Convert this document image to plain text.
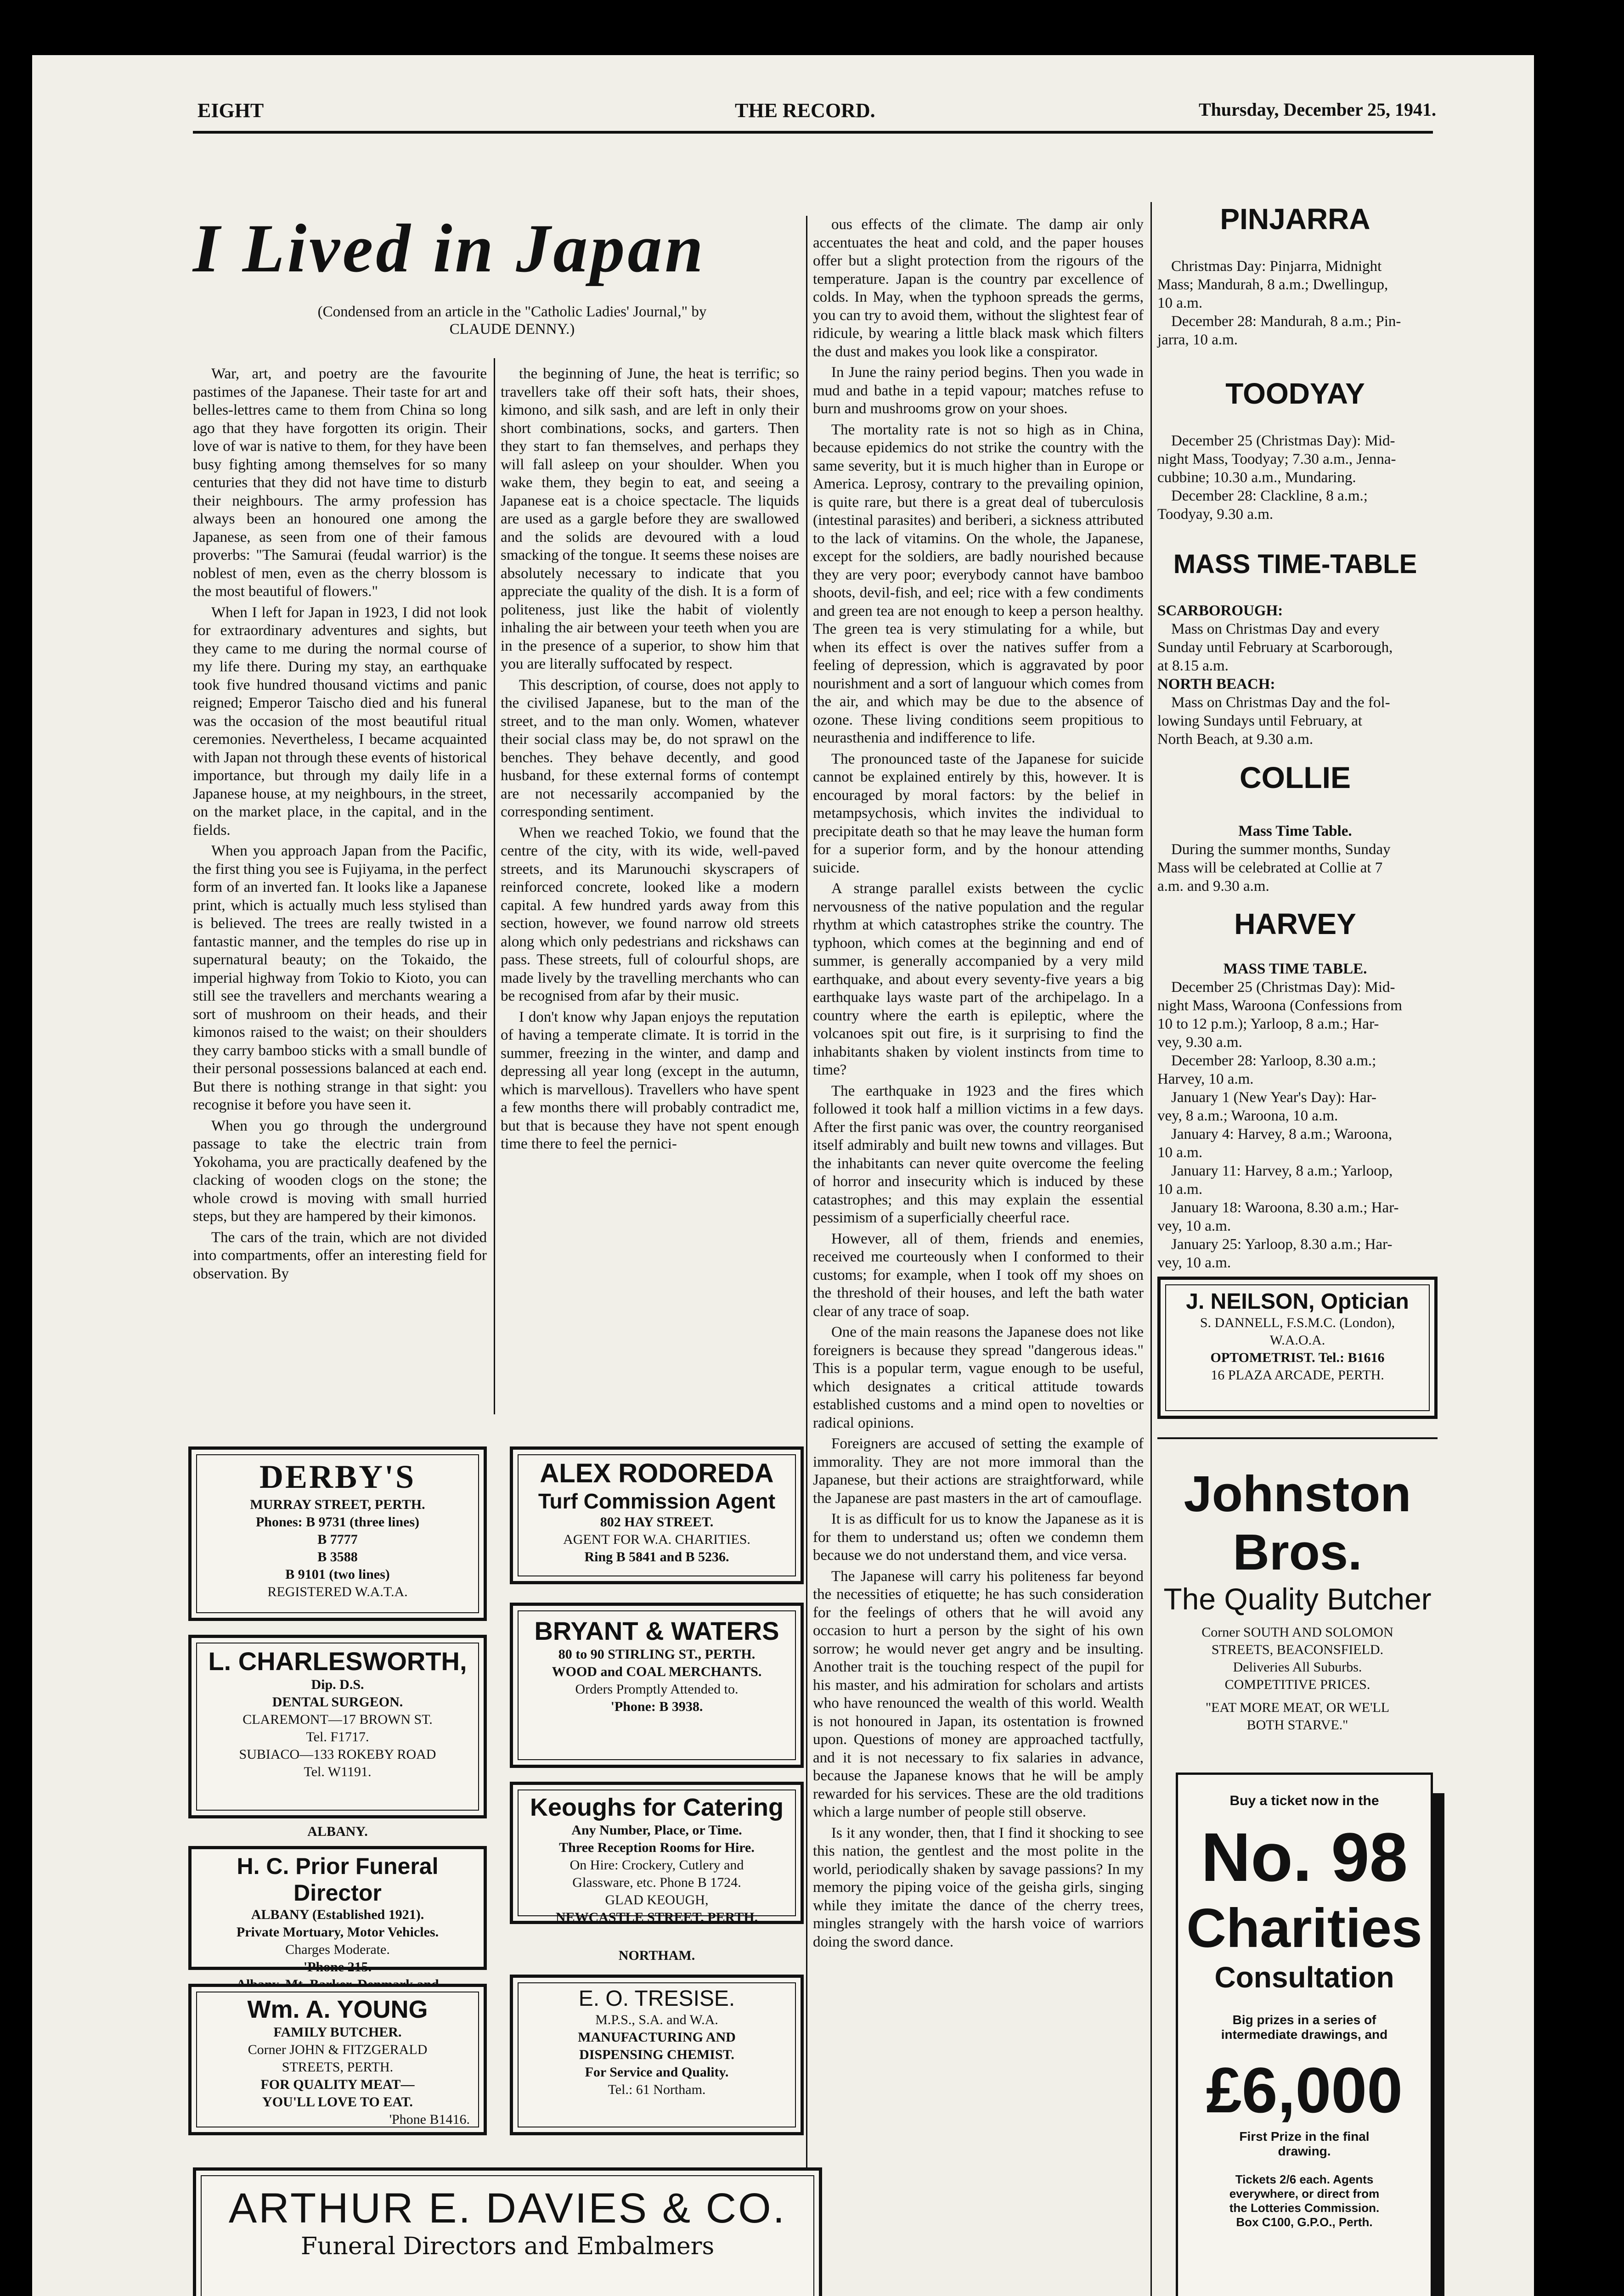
EIGHT	THE RECORD.	Thursday, December 25, 1941.
I Lived in Japan
(Condensed from an article in the "Catholic Ladies' Journal," by
CLAUDE DENNY.)

War, art, and poetry are the favourite pastimes of the Japanese. Their taste for art and belles-lettres came to them from China so long ago that they have forgotten its origin. Their love of war is native to them, for they have been busy fighting among themselves for so many centuries that they did not have time to disturb their neighbours. The army profession has always been an honoured one among the Japanese, as seen from one of their famous proverbs: "The Samurai (feudal warrior) is the noblest of men, even as the cherry blossom is the most beautiful of flowers."

When I left for Japan in 1923, I did not look for extraordinary adventures and sights, but they came to me during the normal course of my life there. During my stay, an earthquake took five hundred thousand victims and panic reigned; Emperor Taischo died and his funeral was the occasion of the most beautiful ritual ceremonies. Nevertheless, I became acquainted with Japan not through these events of historical importance, but through my daily life in a Japanese house, at my neighbours, in the street, on the market place, in the capital, and in the fields.

When you approach Japan from the Pacific, the first thing you see is Fujiyama, in the perfect form of an inverted fan. It looks like a Japanese print, which is actually much less stylised than is believed. The trees are really twisted in a fantastic manner, and the temples do rise up in supernatural beauty; on the Tokaido, the imperial highway from Tokio to Kioto, you can still see the travellers and merchants wearing a sort of mushroom on their heads, and their kimonos raised to the waist; on their shoulders they carry bamboo sticks with a small bundle of their personal possessions balanced at each end. But there is nothing strange in that sight: you recognise it before you have seen it.

When you go through the underground passage to take the electric train from Yokohama, you are practically deafened by the clacking of wooden clogs on the stone; the whole crowd is moving with small hurried steps, but they are hampered by their kimonos.

The cars of the train, which are not divided into compartments, offer an interesting field for observation. By

the beginning of June, the heat is terrific; so travellers take off their soft hats, their shoes, kimono, and silk sash, and are left in only their short combinations, socks, and garters. Then they start to fan themselves, and perhaps they will fall asleep on your shoulder. When you wake them, they begin to eat, and seeing a Japanese eat is a choice spectacle. The liquids are used as a gargle before they are swallowed and the solids are devoured with a loud smacking of the tongue. It seems these noises are absolutely necessary to indicate that you appreciate the quality of the dish. It is a form of politeness, just like the habit of violently inhaling the air between your teeth when you are in the presence of a superior, to show him that you are literally suffocated by respect.

This description, of course, does not apply to the civilised Japanese, but to the man of the street, and to the man only. Women, whatever their social class may be, do not sprawl on the benches. They behave decently, and good husband, for these external forms of contempt are not necessarily accompanied by the corresponding sentiment.

When we reached Tokio, we found that the centre of the city, with its wide, well-paved streets, and its Marunouchi skyscrapers of reinforced concrete, looked like a modern capital. A few hundred yards away from this section, however, we found narrow old streets along which only pedestrians and rickshaws can pass. These streets, full of colourful shops, are made lively by the travelling merchants who can be recognised from afar by their music.

I don't know why Japan enjoys the reputation of having a temperate climate. It is torrid in the summer, freezing in the winter, and damp and depressing all year long (except in the autumn, which is marvellous). Travellers who have spent a few months there will probably contradict me, but that is because they have not spent enough time there to feel the pernici-

ous effects of the climate. The damp air only accentuates the heat and cold, and the paper houses offer but a slight protection from the rigours of the temperature. Japan is the country par excellence of colds. In May, when the typhoon spreads the germs, you can try to avoid them, without the slightest fear of ridicule, by wearing a little black mask which filters the dust and makes you look like a conspirator.

In June the rainy period begins. Then you wade in mud and bathe in a tepid vapour; matches refuse to burn and mushrooms grow on your shoes.

The mortality rate is not so high as in China, because epidemics do not strike the country with the same severity, but it is much higher than in Europe or America. Leprosy, contrary to the prevailing opinion, is quite rare, but there is a great deal of tuberculosis (intestinal parasites) and beriberi, a sickness attributed to the lack of vitamins. On the whole, the Japanese, except for the soldiers, are badly nourished because they are very poor; everybody cannot have bamboo shoots, devil-fish, and eel; rice with a few condiments and green tea are not enough to keep a person healthy. The green tea is very stimulating for a while, but when its effect is over the natives suffer from a feeling of depression, which is aggravated by poor nourishment and a sort of languour which comes from the air, and which may be due to the absence of ozone. These living conditions seem propitious to neurasthenia and indifference to life.

The pronounced taste of the Japanese for suicide cannot be explained entirely by this, however. It is encouraged by moral factors: by the belief in metampsychosis, which invites the individual to precipitate death so that he may leave the human form for a superior form, and by the honour attending suicide.

A strange parallel exists between the cyclic nervousness of the native population and the regular rhythm at which catastrophes strike the country. The typhoon, which comes at the beginning and end of summer, is generally accompanied by a very mild earthquake, and about every seventy-five years a big earthquake lays waste part of the archipelago. In a country where the earth is epileptic, where the volcanoes spit out fire, is it surprising to find the inhabitants shaken by violent instincts from time to time?

The earthquake in 1923 and the fires which followed it took half a million victims in a few days. After the first panic was over, the country reorganised itself admirably and built new towns and villages. But the inhabitants can never quite overcome the feeling of horror and insecurity which is induced by these catastrophes; and this may explain the essential pessimism of a superficially cheerful race.

However, all of them, friends and enemies, received me courteously when I conformed to their customs; for example, when I took off my shoes on the threshold of their houses, and left the bath water clear of any trace of soap.

One of the main reasons the Japanese does not like foreigners is because they spread "dangerous ideas." This is a popular term, vague enough to be useful, which designates a critical attitude towards established customs and a mind open to novelties or radical opinions.

Foreigners are accused of setting the example of immorality. They are not more immoral than the Japanese, but their actions are straightforward, while the Japanese are past masters in the art of camouflage.

It is as difficult for us to know the Japanese as it is for them to understand us; often we condemn them because we do not understand them, and vice versa.

The Japanese will carry his politeness far beyond the necessities of etiquette; he has such consideration for the feelings of others that he will avoid any occasion to hurt a person by the sight of his own sorrow; he would never get angry and be insulting. Another trait is the touching respect of the pupil for his master, and his admiration for scholars and artists who have renounced the wealth of this world. Wealth is not honoured in Japan, its ostentation is frowned upon. Questions of money are approached tactfully, and it is not necessary to fix salaries in advance, because the Japanese knows that he will be amply rewarded for his services. These are the old traditions which a large number of people still observe.

Is it any wonder, then, that I find it shocking to see this nation, the gentlest and the most polite in the world, periodically shaken by savage passions? In my memory the piping voice of the geisha girls, singing while they imitate the dance of the cherry trees, mingles strangely with the harsh voice of warriors doing the sword dance.

DERBY'S
MURRAY STREET, PERTH.
Phones: B 9731 (three lines)
B 7777
B 3588
B 9101 (two lines)
REGISTERED W.A.T.A.
ALEX RODOREDA
Turf Commission Agent
802 HAY STREET.
AGENT FOR W.A. CHARITIES.
Ring B 5841 and B 5236.
L. CHARLESWORTH,
Dip. D.S.
DENTAL SURGEON.
CLAREMONT—17 BROWN ST.
Tel. F1717.
SUBIACO—133 ROKEBY ROAD
Tel. W1191.
BRYANT & WATERS
80 to 90 STIRLING ST., PERTH.
WOOD and COAL MERCHANTS.
Orders Promptly Attended to.
'Phone: B 3938.
ALBANY.
H. C. Prior Funeral Director
ALBANY (Established 1921).
Private Mortuary, Motor Vehicles.
Charges Moderate.
'Phone 215.
Keoughs for Catering
Any Number, Place, or Time.
Three Reception Rooms for Hire.
On Hire: Crockery, Cutlery and
Glassware, etc. Phone B 1724.
GLAD KEOUGH,
NEWCASTLE STREET, PERTH.
NORTHAM.
Wm. A. YOUNG
FAMILY BUTCHER.
Corner JOHN & FITZGERALD
STREETS, PERTH.
FOR QUALITY MEAT—
YOU'LL LOVE TO EAT.
'Phone B1416.
E. O. TRESISE.
M.P.S., S.A. and W.A.
MANUFACTURING AND
DISPENSING CHEMIST.
For Service and Quality.
Tel.: 61 Northam.
ARTHUR E. DAVIES & CO.
Funeral Directors and Embalmers
PINJARRA

Christmas Day: Pinjarra, Midnight

Mass; Mandurah, 8 a.m.; Dwellingup,

10 a.m.

December 28: Mandurah, 8 a.m.; Pin-

jarra, 10 a.m.

TOODYAY

December 25 (Christmas Day): Mid-

night Mass, Toodyay; 7.30 a.m., Jenna-

cubbine; 10.30 a.m., Mundaring.

December 28: Clackline, 8 a.m.;

Toodyay, 9.30 a.m.

MASS TIME-TABLE

SCARBOROUGH:

Mass on Christmas Day and every

Sunday until February at Scarborough,

at 8.15 a.m.

NORTH BEACH:

Mass on Christmas Day and the fol-

lowing Sundays until February, at

North Beach, at 9.30 a.m.

COLLIE

Mass Time Table.

During the summer months, Sunday

Mass will be celebrated at Collie at 7

a.m. and 9.30 a.m.

HARVEY

MASS TIME TABLE.

December 25 (Christmas Day): Mid-

night Mass, Waroona (Confessions from

10 to 12 p.m.); Yarloop, 8 a.m.; Har-

vey, 9.30 a.m.

December 28: Yarloop, 8.30 a.m.;

Harvey, 10 a.m.

January 1 (New Year's Day): Har-

vey, 8 a.m.; Waroona, 10 a.m.

January 4: Harvey, 8 a.m.; Waroona,

10 a.m.

January 11: Harvey, 8 a.m.; Yarloop,

10 a.m.

January 18: Waroona, 8.30 a.m.; Har-

vey, 10 a.m.

January 25: Yarloop, 8.30 a.m.; Har-

vey, 10 a.m.

J. NEILSON, Optician
S. DANNELL, F.S.M.C. (London),
W.A.O.A.
OPTOMETRIST. Tel.: B1616
16 PLAZA ARCADE, PERTH.
Johnston Bros.
The Quality Butcher
Corner SOUTH AND SOLOMON
STREETS, BEACONSFIELD.
Deliveries All Suburbs.
COMPETITIVE PRICES.
"EAT MORE MEAT, OR WE'LL
BOTH STARVE."
Buy a ticket now in the
No. 98
Charities
Consultation
Big prizes in a series of
intermediate drawings, and
£6,000
First Prize in the final
drawing.
Tickets 2/6 each. Agents
everywhere, or direct from
the Lotteries Commission.
Box C100, G.P.O., Perth.
